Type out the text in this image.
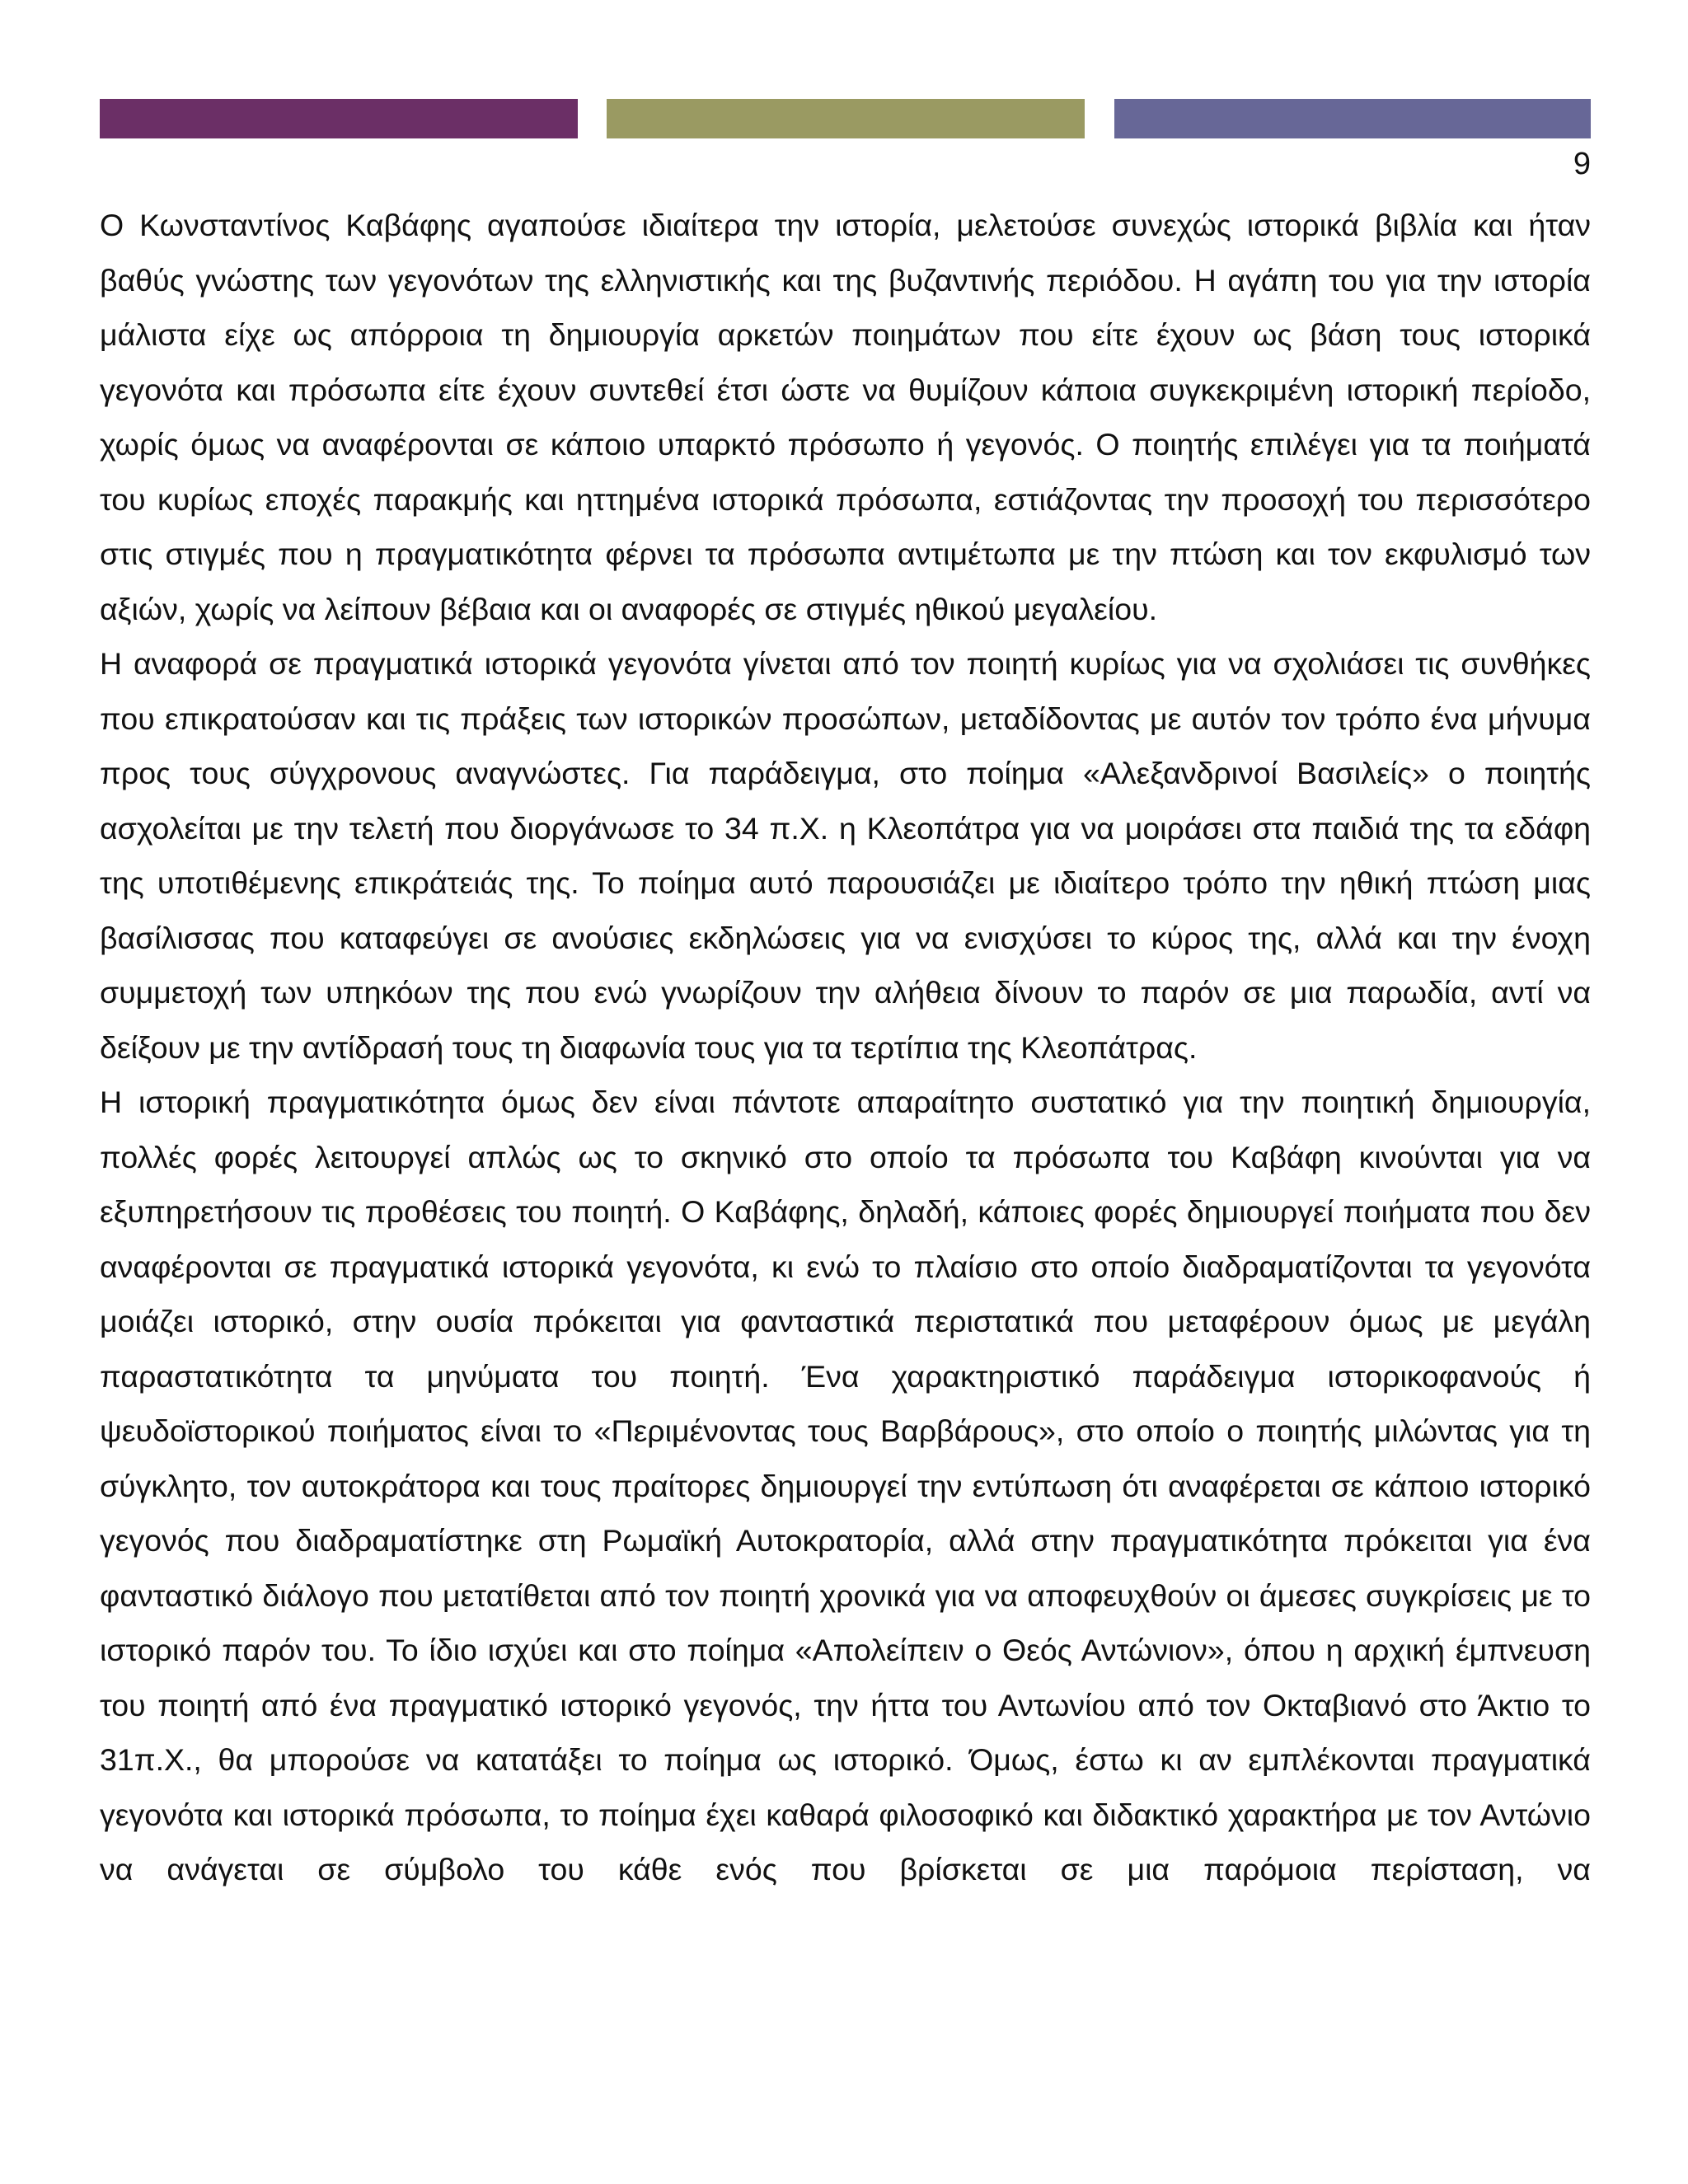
9

Ο Κωνσταντίνος Καβάφης αγαπούσε ιδιαίτερα την ιστορία, μελετούσε συνεχώς ιστορικά βιβλία και ήταν βαθύς γνώστης των γεγονότων της ελληνιστικής και της βυζαντινής περιόδου. Η αγάπη του για την ιστορία μάλιστα είχε ως απόρροια τη δημιουργία αρκετών ποιημάτων που είτε έχουν ως βάση τους ιστορικά γεγονότα και πρόσωπα είτε έχουν συντεθεί έτσι ώστε να θυμίζουν κάποια συγκεκριμένη ιστορική περίοδο, χωρίς όμως να αναφέρονται σε κάποιο υπαρκτό πρόσωπο ή γεγονός. Ο ποιητής επιλέγει για τα ποιήματά του κυρίως εποχές παρακμής και ηττημένα ιστορικά πρόσωπα, εστιάζοντας την προσοχή του περισσότερο στις στιγμές που η πραγματικότητα φέρνει τα πρόσωπα αντιμέτωπα με την πτώση και τον εκφυλισμό των αξιών, χωρίς να λείπουν βέβαια και οι αναφορές σε στιγμές ηθικού μεγαλείου.

Η αναφορά σε πραγματικά ιστορικά γεγονότα γίνεται από τον ποιητή κυρίως για να σχολιάσει τις συνθήκες που επικρατούσαν και τις πράξεις των ιστορικών προσώπων, μεταδίδοντας με αυτόν τον τρόπο ένα μήνυμα προς τους σύγχρονους αναγνώστες. Για παράδειγμα, στο ποίημα «Αλεξανδρινοί Βασιλείς» ο ποιητής ασχολείται με την τελετή που διοργάνωσε το 34 π.Χ. η Κλεοπάτρα για να μοιράσει στα παιδιά της τα εδάφη της υποτιθέμενης επικράτειάς της. Το ποίημα αυτό παρουσιάζει με ιδιαίτερο τρόπο την ηθική πτώση μιας βασίλισσας που καταφεύγει σε ανούσιες εκδηλώσεις για να ενισχύσει το κύρος της, αλλά και την ένοχη συμμετοχή των υπηκόων της που ενώ γνωρίζουν την αλήθεια δίνουν το παρόν σε μια παρωδία, αντί να δείξουν με την αντίδρασή τους τη διαφωνία τους για τα τερτίπια της Κλεοπάτρας.

Η ιστορική πραγματικότητα όμως δεν είναι πάντοτε απαραίτητο συστατικό για την ποιητική δημιουργία, πολλές φορές λειτουργεί απλώς ως το σκηνικό στο οποίο τα πρόσωπα του Καβάφη κινούνται για να εξυπηρετήσουν τις προθέσεις του ποιητή. Ο Καβάφης, δηλαδή, κάποιες φορές δημιουργεί ποιήματα που δεν αναφέρονται σε πραγματικά ιστορικά γεγονότα, κι ενώ το πλαίσιο στο οποίο διαδραματίζονται τα γεγονότα μοιάζει ιστορικό, στην ουσία πρόκειται για φανταστικά περιστατικά που μεταφέρουν όμως με μεγάλη παραστατικότητα τα μηνύματα του ποιητή. Ένα χαρακτηριστικό παράδειγμα ιστορικοφανούς ή ψευδοϊστορικού ποιήματος είναι το «Περιμένοντας τους Βαρβάρους», στο οποίο ο ποιητής μιλώντας για τη σύγκλητο, τον αυτοκράτορα και τους πραίτορες δημιουργεί την εντύπωση ότι αναφέρεται σε κάποιο ιστορικό γεγονός που διαδραματίστηκε στη Ρωμαϊκή Αυτοκρατορία, αλλά στην πραγματικότητα πρόκειται για ένα φανταστικό διάλογο που μετατίθεται από τον ποιητή χρονικά για να αποφευχθούν οι άμεσες συγκρίσεις με το ιστορικό παρόν του. Το ίδιο ισχύει και στο ποίημα «Απολείπειν ο Θεός Αντώνιον», όπου η αρχική έμπνευση του ποιητή από ένα πραγματικό ιστορικό γεγονός, την ήττα του Αντωνίου από τον Οκταβιανό στο Άκτιο το 31π.Χ., θα μπορούσε να κατατάξει το ποίημα ως ιστορικό. Όμως, έστω κι αν εμπλέκονται πραγματικά γεγονότα και ιστορικά πρόσωπα, το ποίημα έχει καθαρά φιλοσοφικό και διδακτικό χαρακτήρα με τον Αντώνιο να ανάγεται σε σύμβολο του κάθε ενός που βρίσκεται σε μια παρόμοια περίσταση, να
